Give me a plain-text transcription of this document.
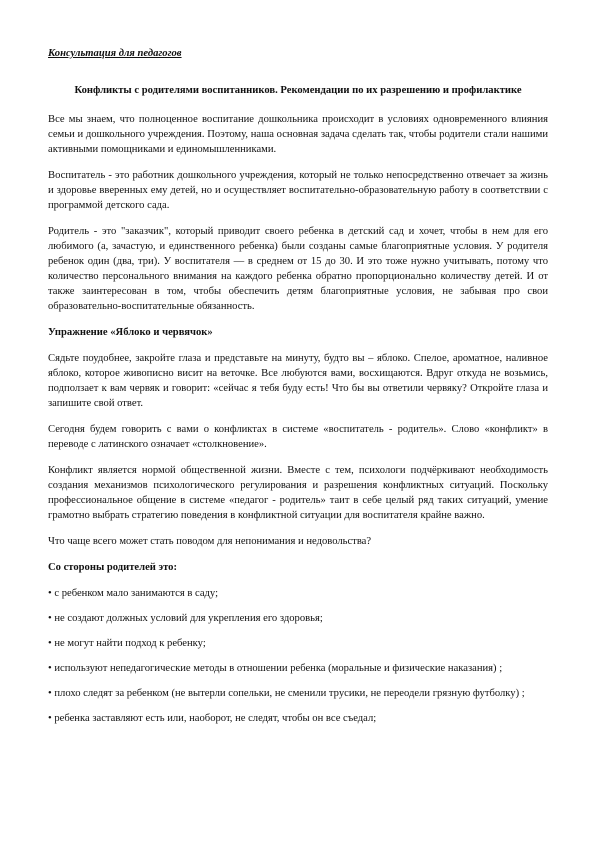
Консультация для педагогов
Конфликты с родителями воспитанников. Рекомендации по их разрешению и профилактике

Все мы знаем, что полноценное воспитание дошкольника происходит в условиях одновременного влияния семьи и дошкольного учреждения. Поэтому, наша основная задача сделать так, чтобы родители стали нашими активными помощниками и единомышленниками.

Воспитатель - это работник дошкольного учреждения, который не только непосредственно отвечает за жизнь и здоровье вверенных ему детей, но и осуществляет воспитательно-образовательную работу в соответствии с программой детского сада.

Родитель - это "заказчик", который приводит своего ребенка в детский сад и хочет, чтобы в нем для его любимого (а, зачастую, и единственного ребенка) были созданы самые благоприятные условия. У родителя ребенок один (два, три). У воспитателя — в среднем от 15 до 30. И это тоже нужно учитывать, потому что количество персонального внимания на каждого ребенка обратно пропорционально количеству детей. И от также заинтересован в том, чтобы обеспечить детям благоприятные условия, не забывая про свои образовательно-воспитательные обязанность.

Упражнение «Яблоко и червячок»

Сядьте поудобнее, закройте глаза и представьте на минуту, будто вы – яблоко. Спелое, ароматное, наливное яблоко, которое живописно висит на веточке. Все любуются вами, восхищаются. Вдруг откуда не возьмись, подползает к вам червяк и говорит: «сейчас я тебя буду есть! Что бы вы ответили червяку? Откройте глаза и запишите свой ответ.

Сегодня будем говорить с вами о конфликтах в системе «воспитатель - родитель». Слово «конфликт» в переводе с латинского означает «столкновение».

Конфликт является нормой общественной жизни. Вместе с тем, психологи подчёркивают необходимость создания механизмов психологического регулирования и разрешения конфликтных ситуаций. Поскольку профессиональное общение в системе «педагог - родитель» таит в себе целый ряд таких ситуаций, умение грамотно выбрать стратегию поведения в конфликтной ситуации для воспитателя крайне важно.

Что чаще всего может стать поводом для непонимания и недовольства?

Со стороны родителей это:
• с ребенком мало занимаются в саду;
• не создают должных условий для укрепления его здоровья;
• не могут найти подход к ребенку;
• используют непедагогические методы в отношении ребенка (моральные и физические наказания) ;
• плохо следят за ребенком (не вытерли сопельки, не сменили трусики, не переодели грязную футболку) ;
• ребенка заставляют есть или, наоборот, не следят, чтобы он все съедал;
